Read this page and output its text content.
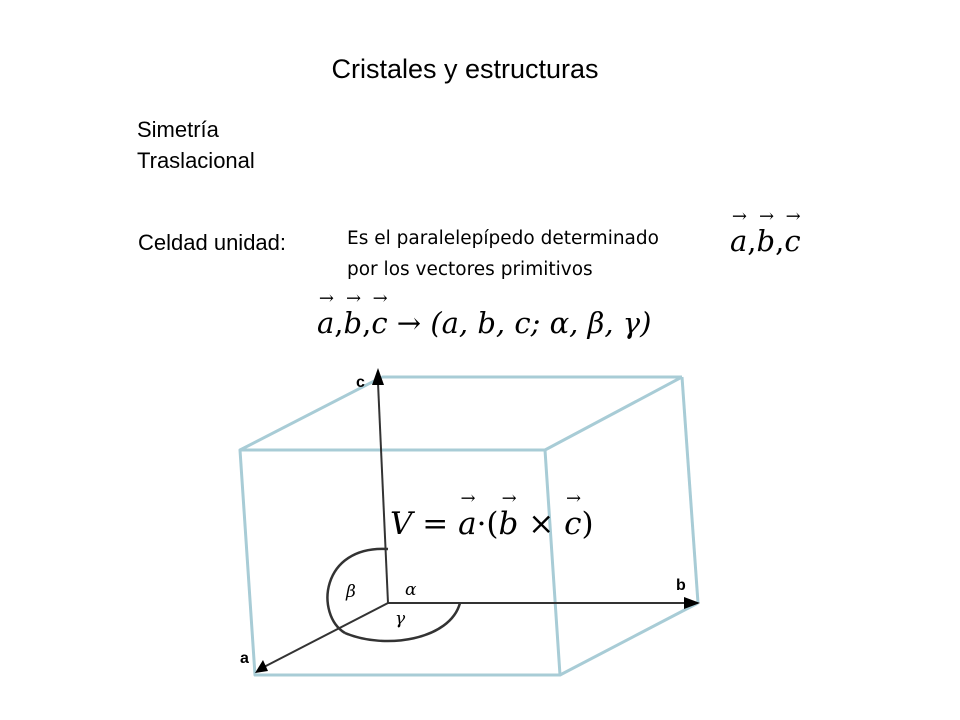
Cristales y estructuras
Simetría
Traslacional
Celdad unidad:	Es el paralelepípedo determinado
por los vectores primitivos
→
a,
→
b,
→
c
→
a,
→
b,
→
c → (a, b, c; α, β, γ)
c
b
a
α
β
γ
V =
→
a·(
→
b ×
→
c)
